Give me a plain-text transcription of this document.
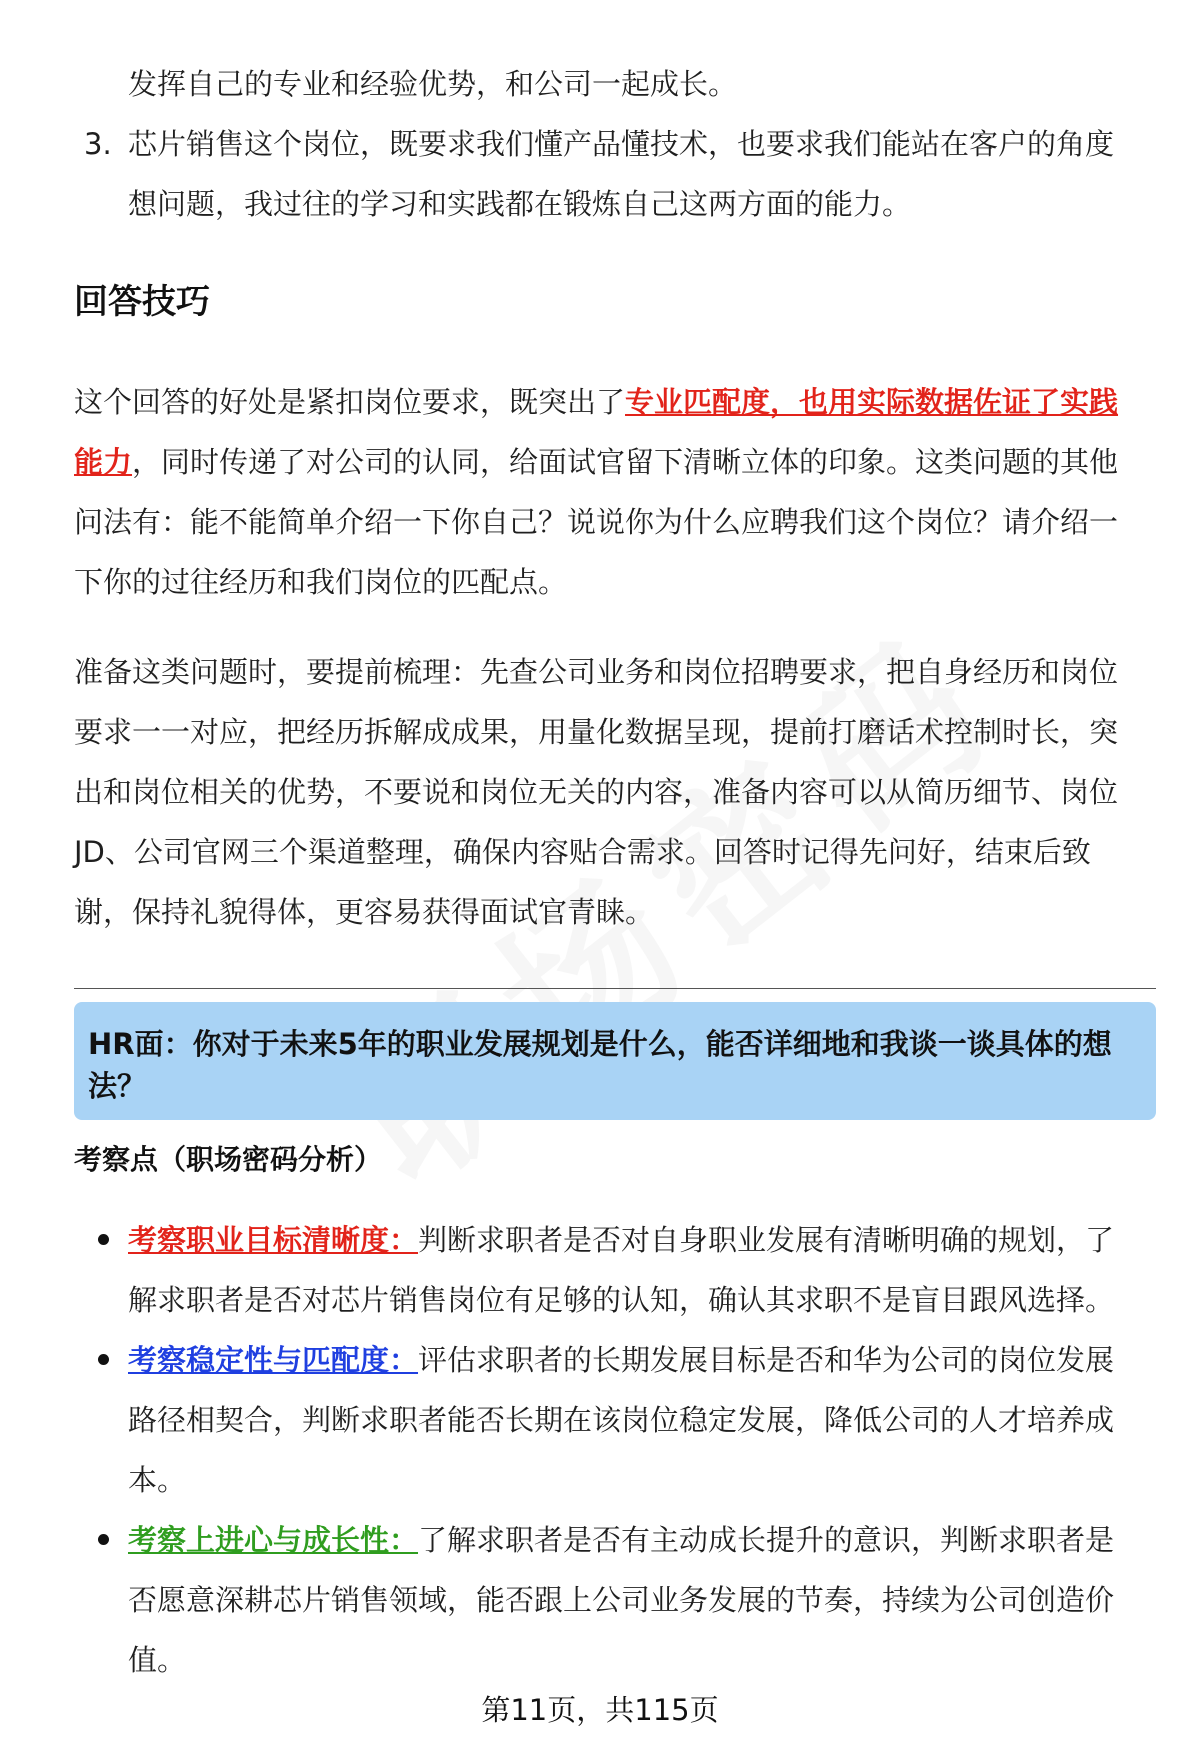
发挥自己的专业和经验优势，和公司一起成长。
3. 芯片销售这个岗位，既要求我们懂产品懂技术，也要求我们能站在客户的角度
想问题，我过往的学习和实践都在锻炼自己这两方面的能力。
回答技巧
这个回答的好处是紧扣岗位要求，既突出了专业匹配度，也用实际数据佐证了实践
能力，同时传递了对公司的认同，给面试官留下清晰立体的印象。这类问题的其他
问法有：能不能简单介绍一下你自己？说说你为什么应聘我们这个岗位？请介绍一
下你的过往经历和我们岗位的匹配点。
准备这类问题时，要提前梳理：先查公司业务和岗位招聘要求，把自身经历和岗位
要求一一对应，把经历拆解成成果，用量化数据呈现，提前打磨话术控制时长，突
出和岗位相关的优势，不要说和岗位无关的内容，准备内容可以从简历细节、岗位
JD、公司官网三个渠道整理，确保内容贴合需求。回答时记得先问好，结束后致
谢，保持礼貌得体，更容易获得面试官青睐。
HR面：你对于未来5年的职业发展规划是什么，能否详细地和我谈一谈具体的想
法？
考察点（职场密码分析）
考察职业目标清晰度：判断求职者是否对自身职业发展有清晰明确的规划，了
解求职者是否对芯片销售岗位有足够的认知，确认其求职不是盲目跟风选择。
考察稳定性与匹配度：评估求职者的长期发展目标是否和华为公司的岗位发展
路径相契合，判断求职者能否长期在该岗位稳定发展，降低公司的人才培养成
本。
考察上进心与成长性：了解求职者是否有主动成长提升的意识，判断求职者是
否愿意深耕芯片销售领域，能否跟上公司业务发展的节奏，持续为公司创造价
值。
第11页，共115页
